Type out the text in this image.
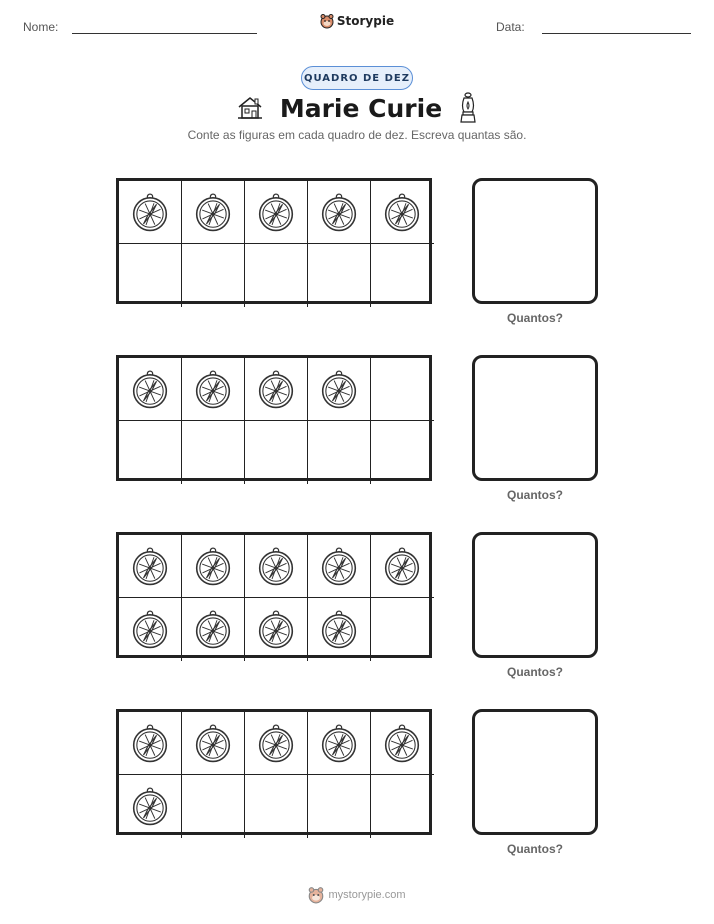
Nome:	Storypie	Data:
QUADRO DE DEZ
Marie Curie
Conte as figuras em cada quadro de dez. Escreva quantas são.
Quantos?
Quantos?
Quantos?
Quantos?
mystorypie.com
